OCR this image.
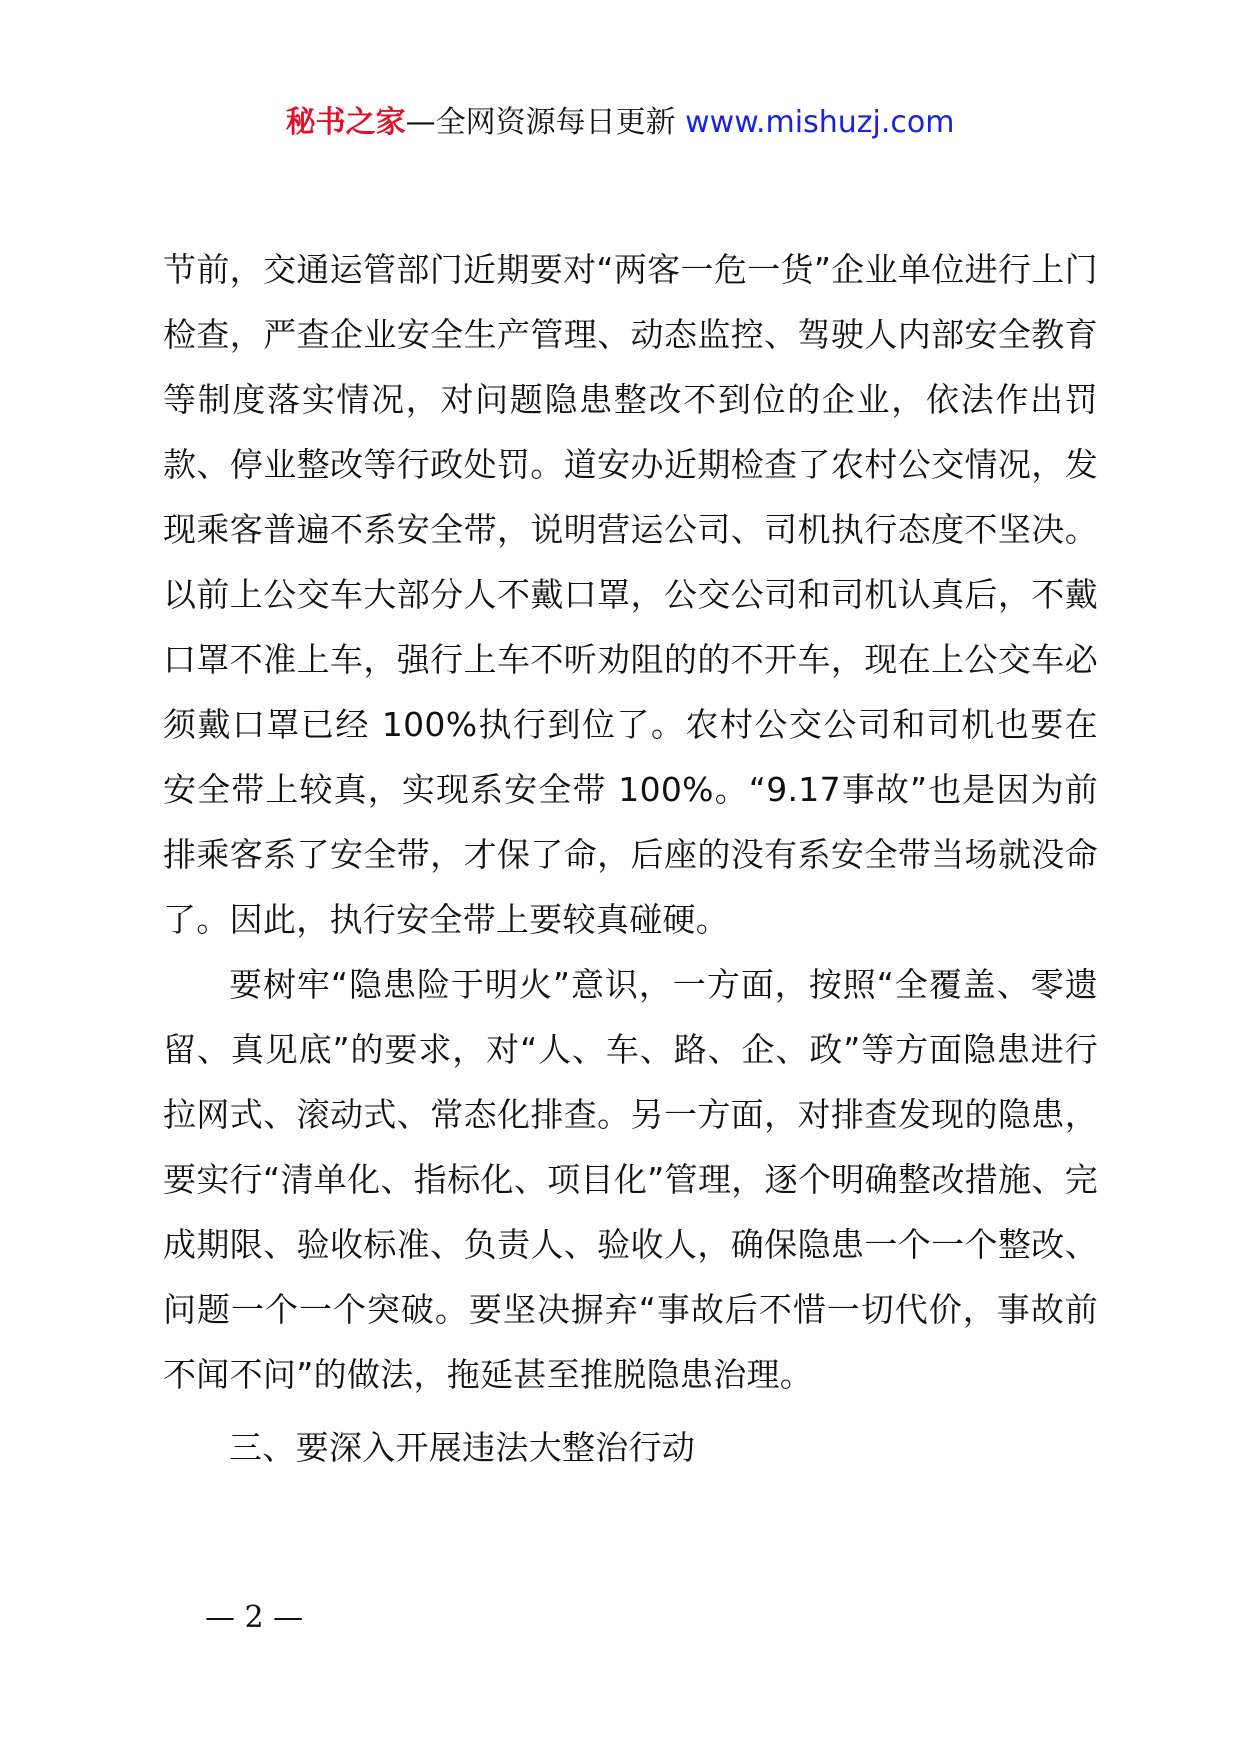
秘书之家—全网资源每日更新 www.mishuzj.com

节前，交通运管部门近期要对“两客一危一货”企业单位进行上门检查，严查企业安全生产管理、动态监控、驾驶人内部安全教育等制度落实情况，对问题隐患整改不到位的企业，依法作出罚款、停业整改等行政处罚。道安办近期检查了农村公交情况，发现乘客普遍不系安全带，说明营运公司、司机执行态度不坚决。以前上公交车大部分人不戴口罩，公交公司和司机认真后，不戴口罩不准上车，强行上车不听劝阻的的不开车，现在上公交车必须戴口罩已经 100%执行到位了。农村公交公司和司机也要在安全带上较真，实现系安全带 100%。“9.17事故”也是因为前排乘客系了安全带，才保了命，后座的没有系安全带当场就没命了。因此，执行安全带上要较真碰硬。

要树牢“隐患险于明火”意识，一方面，按照“全覆盖、零遗留、真见底”的要求，对“人、车、路、企、政”等方面隐患进行拉网式、滚动式、常态化排查。另一方面，对排查发现的隐患，要实行“清单化、指标化、项目化”管理，逐个明确整改措施、完成期限、验收标准、负责人、验收人，确保隐患一个一个整改、问题一个一个突破。要坚决摒弃“事故后不惜一切代价，事故前不闻不问”的做法，拖延甚至推脱隐患治理。

三、要深入开展违法大整治行动

— 2 —
